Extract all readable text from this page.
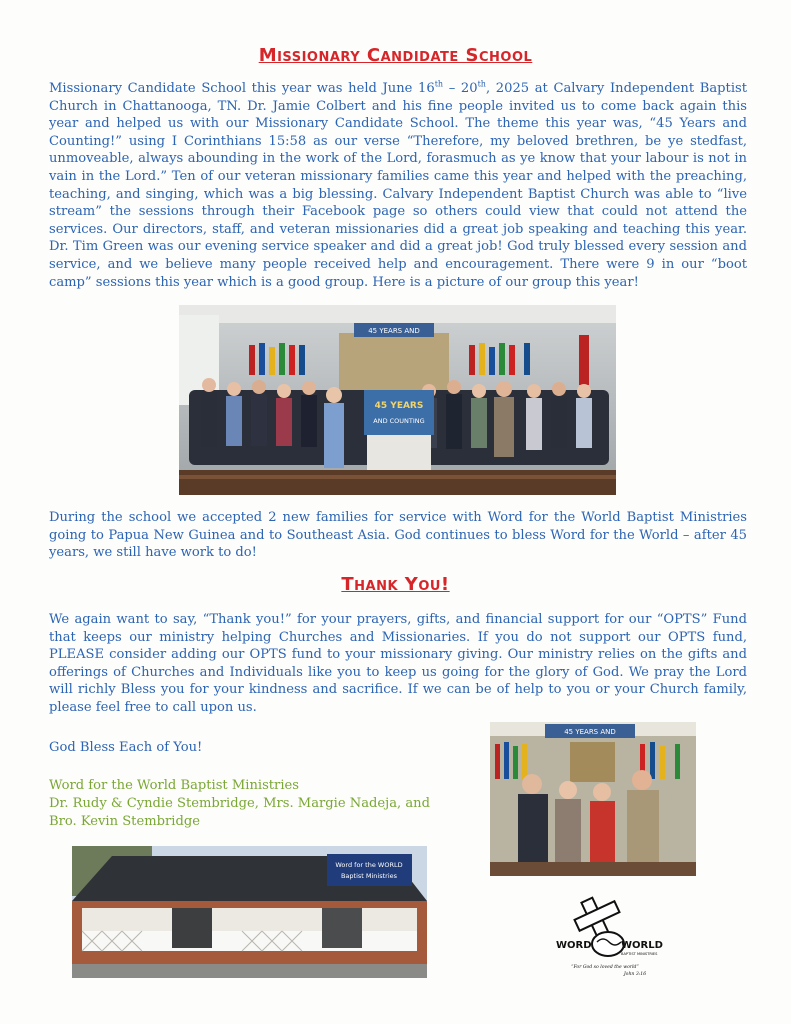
Missionary Candidate School

Missionary Candidate School this year was held June 16th – 20th, 2025 at Calvary Independent Baptist Church in Chattanooga, TN. Dr. Jamie Colbert and his fine people invited us to come back again this year and helped us with our Missionary Candidate School. The theme this year was, “45 Years and Counting!” using I Corinthians 15:58 as our verse “Therefore, my beloved brethren, be ye stedfast, unmoveable, always abounding in the work of the Lord, forasmuch as ye know that your labour is not in vain in the Lord.” Ten of our veteran missionary families came this year and helped with the preaching, teaching, and singing, which was a big blessing. Calvary Independent Baptist Church was able to “live stream” the sessions through their Facebook page so others could view that could not attend the services. Our directors, staff, and veteran missionaries did a great job speaking and teaching this year. Dr. Tim Green was our evening service speaker and did a great job! God truly blessed every session and service, and we believe many people received help and encouragement. There were 9 in our “boot camp” sessions this year which is a good group. Here is a picture of our group this year!

45 YEARS AND
45 YEARS
AND COUNTING

During the school we accepted 2 new families for service with Word for the World Baptist Ministries going to Papua New Guinea and to Southeast Asia. God continues to bless Word for the World – after 45 years, we still have work to do!

Thank You!

We again want to say, “Thank you!” for your prayers, gifts, and financial support for our “OPTS” Fund that keeps our ministry helping Churches and Missionaries. If you do not support our OPTS fund, PLEASE consider adding our OPTS fund to your missionary giving. Our ministry relies on the gifts and offerings of Churches and Individuals like you to keep us going for the glory of God. We pray the Lord will richly Bless you for your kindness and sacrifice. If we can be of help to you or your Church family, please feel free to call upon us.

God Bless Each of You!
Word for the World Baptist Ministries
Dr. Rudy & Cyndie Stembridge, Mrs. Margie Nadeja, and Bro. Kevin Stembridge
45 YEARS AND
Word for the WORLD
Baptist Ministries
WORD	WORLD
BAPTIST MINISTRIES
“For God so loved the world”
John 3:16
